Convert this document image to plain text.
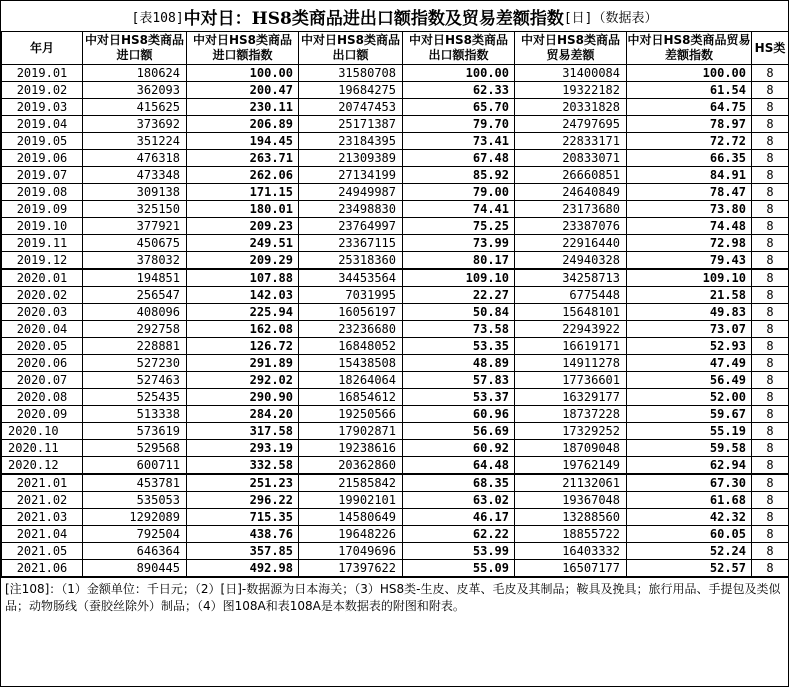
[表108] 中对日：HS8类商品进出口额指数及贸易差额指数 [日]（数据表）
年月	中对日HS8类商品进口额	中对日HS8类商品进口额指数	中对日HS8类商品出口额	中对日HS8类商品出口额指数	中对日HS8类商品贸易差额	中对日HS8类商品贸易差额指数	HS类
2019.01	180624	100.00	31580708	100.00	31400084	100.00	8
2019.02	362093	200.47	19684275	62.33	19322182	61.54	8
2019.03	415625	230.11	20747453	65.70	20331828	64.75	8
2019.04	373692	206.89	25171387	79.70	24797695	78.97	8
2019.05	351224	194.45	23184395	73.41	22833171	72.72	8
2019.06	476318	263.71	21309389	67.48	20833071	66.35	8
2019.07	473348	262.06	27134199	85.92	26660851	84.91	8
2019.08	309138	171.15	24949987	79.00	24640849	78.47	8
2019.09	325150	180.01	23498830	74.41	23173680	73.80	8
2019.10	377921	209.23	23764997	75.25	23387076	74.48	8
2019.11	450675	249.51	23367115	73.99	22916440	72.98	8
2019.12	378032	209.29	25318360	80.17	24940328	79.43	8
2020.01	194851	107.88	34453564	109.10	34258713	109.10	8
2020.02	256547	142.03	7031995	22.27	6775448	21.58	8
2020.03	408096	225.94	16056197	50.84	15648101	49.83	8
2020.04	292758	162.08	23236680	73.58	22943922	73.07	8
2020.05	228881	126.72	16848052	53.35	16619171	52.93	8
2020.06	527230	291.89	15438508	48.89	14911278	47.49	8
2020.07	527463	292.02	18264064	57.83	17736601	56.49	8
2020.08	525435	290.90	16854612	53.37	16329177	52.00	8
2020.09	513338	284.20	19250566	60.96	18737228	59.67	8
2020.10	573619	317.58	17902871	56.69	17329252	55.19	8
2020.11	529568	293.19	19238616	60.92	18709048	59.58	8
2020.12	600711	332.58	20362860	64.48	19762149	62.94	8
2021.01	453781	251.23	21585842	68.35	21132061	67.30	8
2021.02	535053	296.22	19902101	63.02	19367048	61.68	8
2021.03	1292089	715.35	14580649	46.17	13288560	42.32	8
2021.04	792504	438.76	19648226	62.22	18855722	60.05	8
2021.05	646364	357.85	17049696	53.99	16403332	52.24	8
2021.06	890445	492.98	17397622	55.09	16507177	52.57	8
[注108]：（1）金额单位：千日元；（2）[日]-数据源为日本海关；（3）HS8类-生皮、皮革、毛皮及其制品；鞍具及挽具；旅行用品、手提包及类似品；动物肠线（蚕胶丝除外）制品；（4）图108A和表108A是本数据表的附图和附表。
